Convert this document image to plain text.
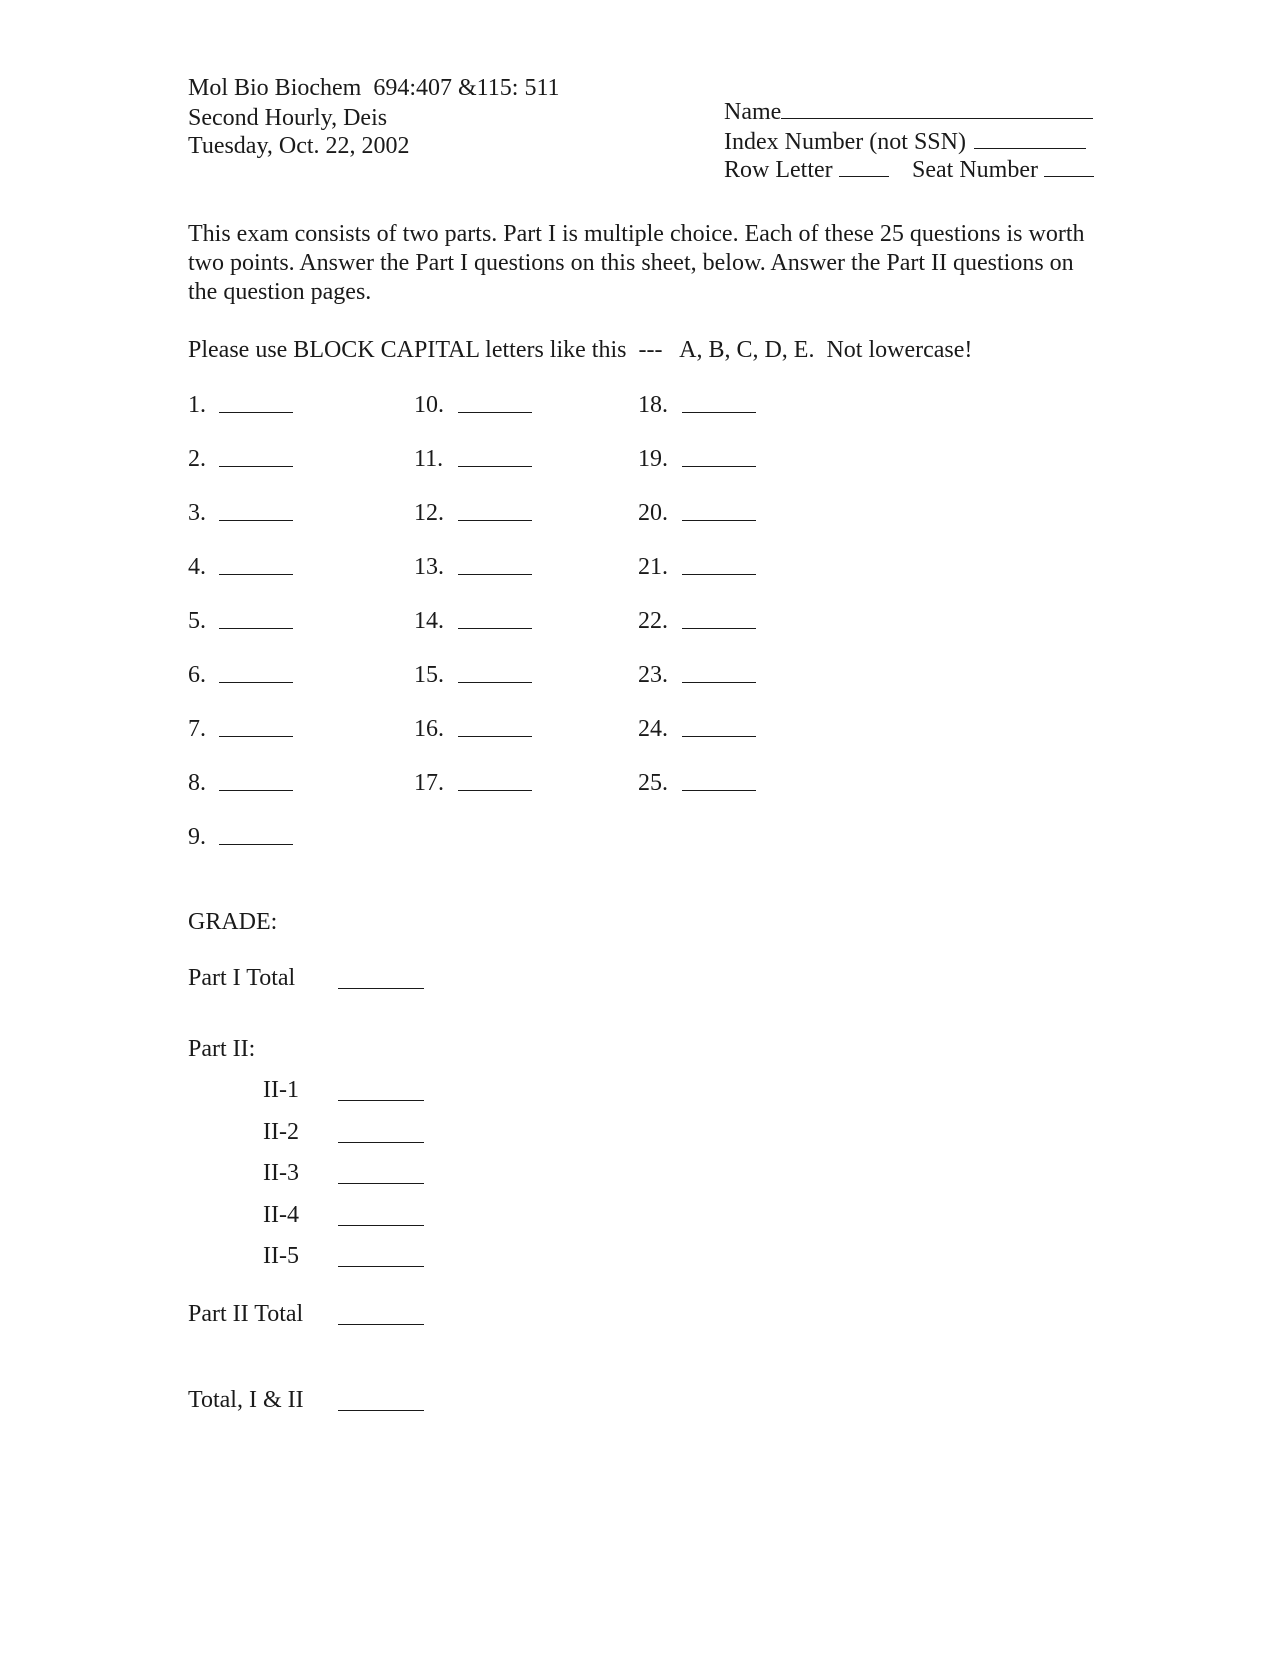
Mol Bio Biochem  694:407 &115: 511
Second Hourly, Deis
Tuesday, Oct. 22, 2002

Name

Index Number (not SSN)

Row Letter	Seat Number

This exam consists of two parts. Part I is multiple choice. Each of these 25 questions is worth two points. Answer the Part I questions on this sheet, below. Answer the Part II questions on the question pages.
Please use BLOCK CAPITAL letters like this  ---   A, B, C, D, E.  Not lowercase!
1.
2.
3.
4.
5.
6.
7.
8.
9.
10.
11.
12.
13.
14.
15.
16.
17.
18.
19.
20.
21.
22.
23.
24.
25.
GRADE:
Part I Total
Part II:
II-1
II-2
II-3
II-4
II-5
Part II Total
Total, I & II
